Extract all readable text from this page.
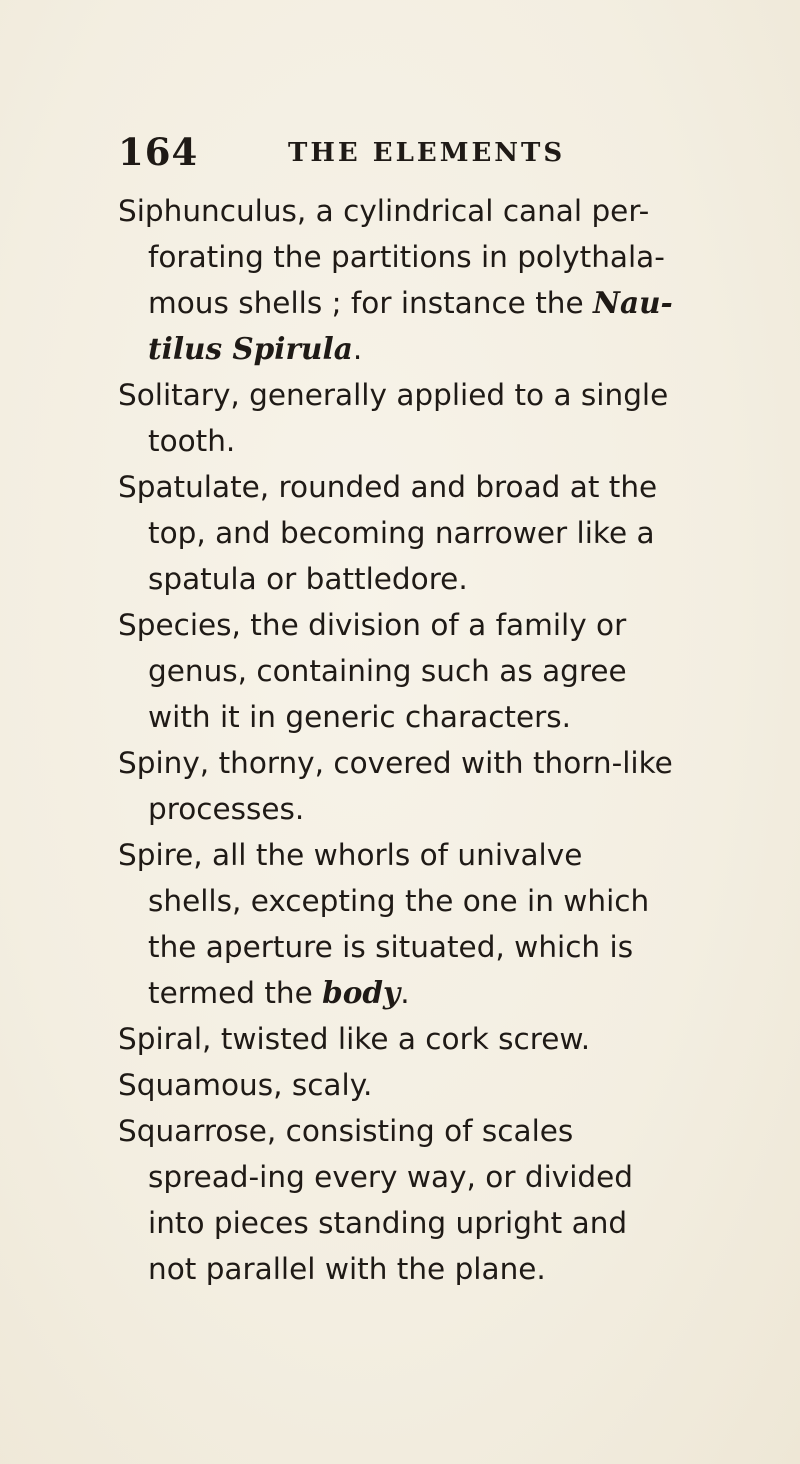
164	THE ELEMENTS

Siphunculus, a cylindrical canal per-forating the partitions in polythala-mous shells ; for instance the Nau-tilus Spirula.

Solitary, generally applied to a single tooth.

Spatulate, rounded and broad at the top, and becoming narrower like a spatula or battledore.

Species, the division of a family or genus, containing such as agree with it in generic characters.

Spiny, thorny, covered with thorn-like processes.

Spire, all the whorls of univalve shells, excepting the one in which the aperture is situated, which is termed the body.

Spiral, twisted like a cork screw.

Squamous, scaly.

Squarrose, consisting of scales spread-ing every way, or divided into pieces standing upright and not parallel with the plane.
